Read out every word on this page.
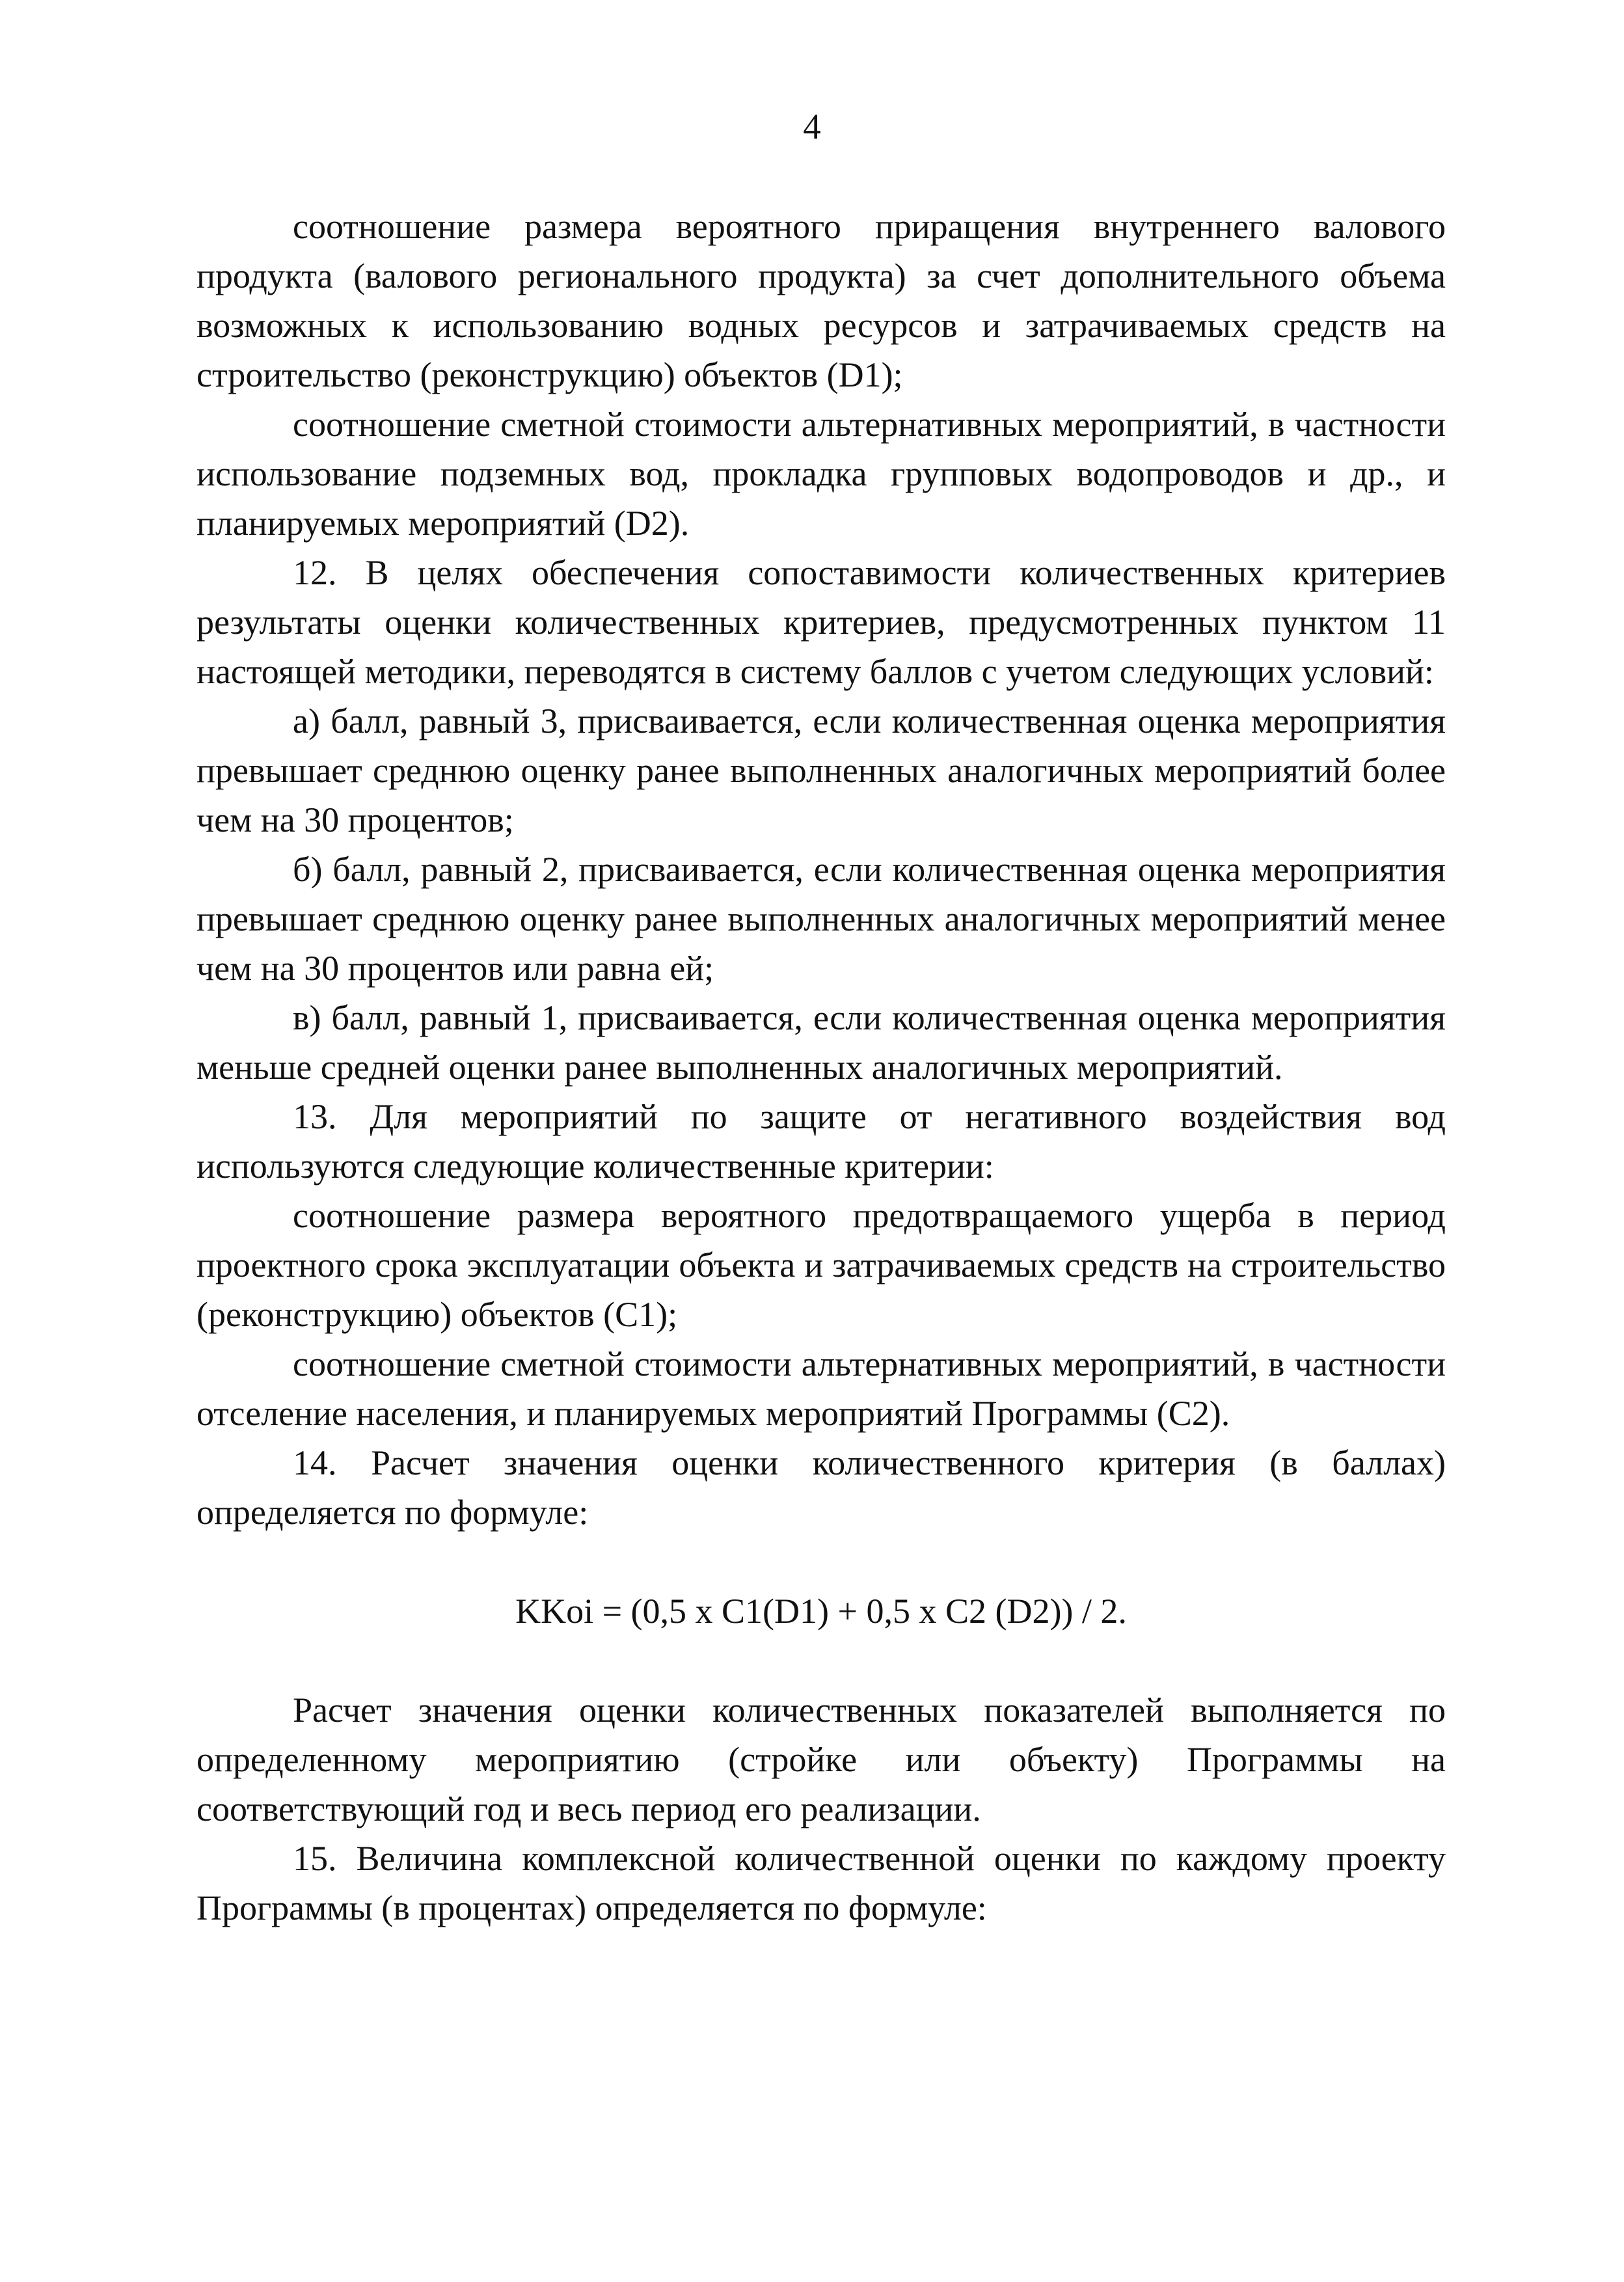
4

соотношение размера вероятного приращения внутреннего валового продукта (валового регионального продукта) за счет дополнительного объема возможных к использованию водных ресурсов и затрачиваемых средств на строительство (реконструкцию) объектов (D1);

соотношение сметной стоимости альтернативных мероприятий, в частности использование подземных вод, прокладка групповых водопроводов и др., и планируемых мероприятий (D2).

12. В целях обеспечения сопоставимости количественных критериев результаты оценки количественных критериев, предусмотренных пунктом 11 настоящей методики, переводятся в систему баллов с учетом следующих условий:

а) балл, равный 3, присваивается, если количественная оценка мероприятия превышает среднюю оценку ранее выполненных аналогичных мероприятий более чем на 30 процентов;

б) балл, равный 2, присваивается, если количественная оценка мероприятия превышает среднюю оценку ранее выполненных аналогичных мероприятий менее чем на 30 процентов или равна ей;

в) балл, равный 1, присваивается, если количественная оценка мероприятия меньше средней оценки ранее выполненных аналогичных мероприятий.

13. Для мероприятий по защите от негативного воздействия вод используются следующие количественные критерии:

соотношение размера вероятного предотвращаемого ущерба в период проектного срока эксплуатации объекта и затрачиваемых средств на строительство (реконструкцию) объектов (C1);

соотношение сметной стоимости альтернативных мероприятий, в частности отселение населения, и планируемых мероприятий Программы (C2).

14. Расчет значения оценки количественного критерия (в баллах) определяется по формуле:

KKoi = (0,5 x C1(D1) + 0,5 x C2 (D2)) / 2.

Расчет значения оценки количественных показателей выполняется по определенному мероприятию (стройке или объекту) Программы на соответствующий год и весь период его реализации.

15. Величина комплексной количественной оценки по каждому проекту Программы (в процентах) определяется по формуле:
